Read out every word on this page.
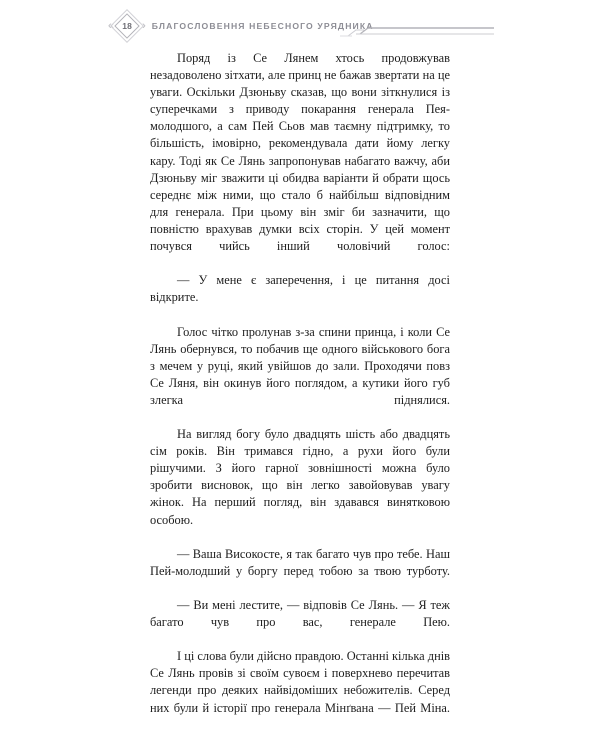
«	18 › БЛАГОСЛОВЕННЯ НЕБЕСНОГО УРЯДНИКА

Поряд із Се Лянем хтось продовжував незадоволено зітхати, але принц не бажав звертати на це уваги. Оскільки Дзюньву сказав, що вони зіткнулися із суперечками з приводу покарання генерала Пея-молодшого, а сам Пей Сьов мав таємну підтримку, то більшість, імовірно, рекомендувала дати йому легку кару. Тоді як Се Лянь запропонував набагато важчу, аби Дзюньву міг зважити ці обидва варіанти й обрати щось середнє між ними, що стало б найбільш відповідним для генерала. При цьому він зміг би зазначити, що повністю врахував думки всіх сторін. У цей момент почувся чийсь інший чоловічий голос:

— У мене є заперечення, і це питання досі відкрите.

Голос чітко пролунав з-за спини принца, і коли Се Лянь обернувся, то побачив ще одного військового бога з мечем у руці, який увійшов до зали. Проходячи повз Се Ляня, він окинув його поглядом, а кутики його губ злегка піднялися.

На вигляд богу було двадцять шість або двадцять сім років. Він тримався гідно, а рухи його були рішучими. З його гарної зовнішності можна було зробити висновок, що він легко завойовував увагу жінок. На перший погляд, він здавався винятковою особою.

— Ваша Високосте, я так багато чув про тебе. Наш Пей-молодший у боргу перед тобою за твою турботу.

— Ви мені лестите, — відповів Се Лянь. — Я теж багато чув про вас, генерале Пею.

І ці слова були дійсно правдою. Останні кілька днів Се Лянь провів зі своїм сувоєм і поверхнево перечитав легенди про деяких найвідоміших небожителів. Серед них були й історії про генерала Мінґвана — Пей Міна.
